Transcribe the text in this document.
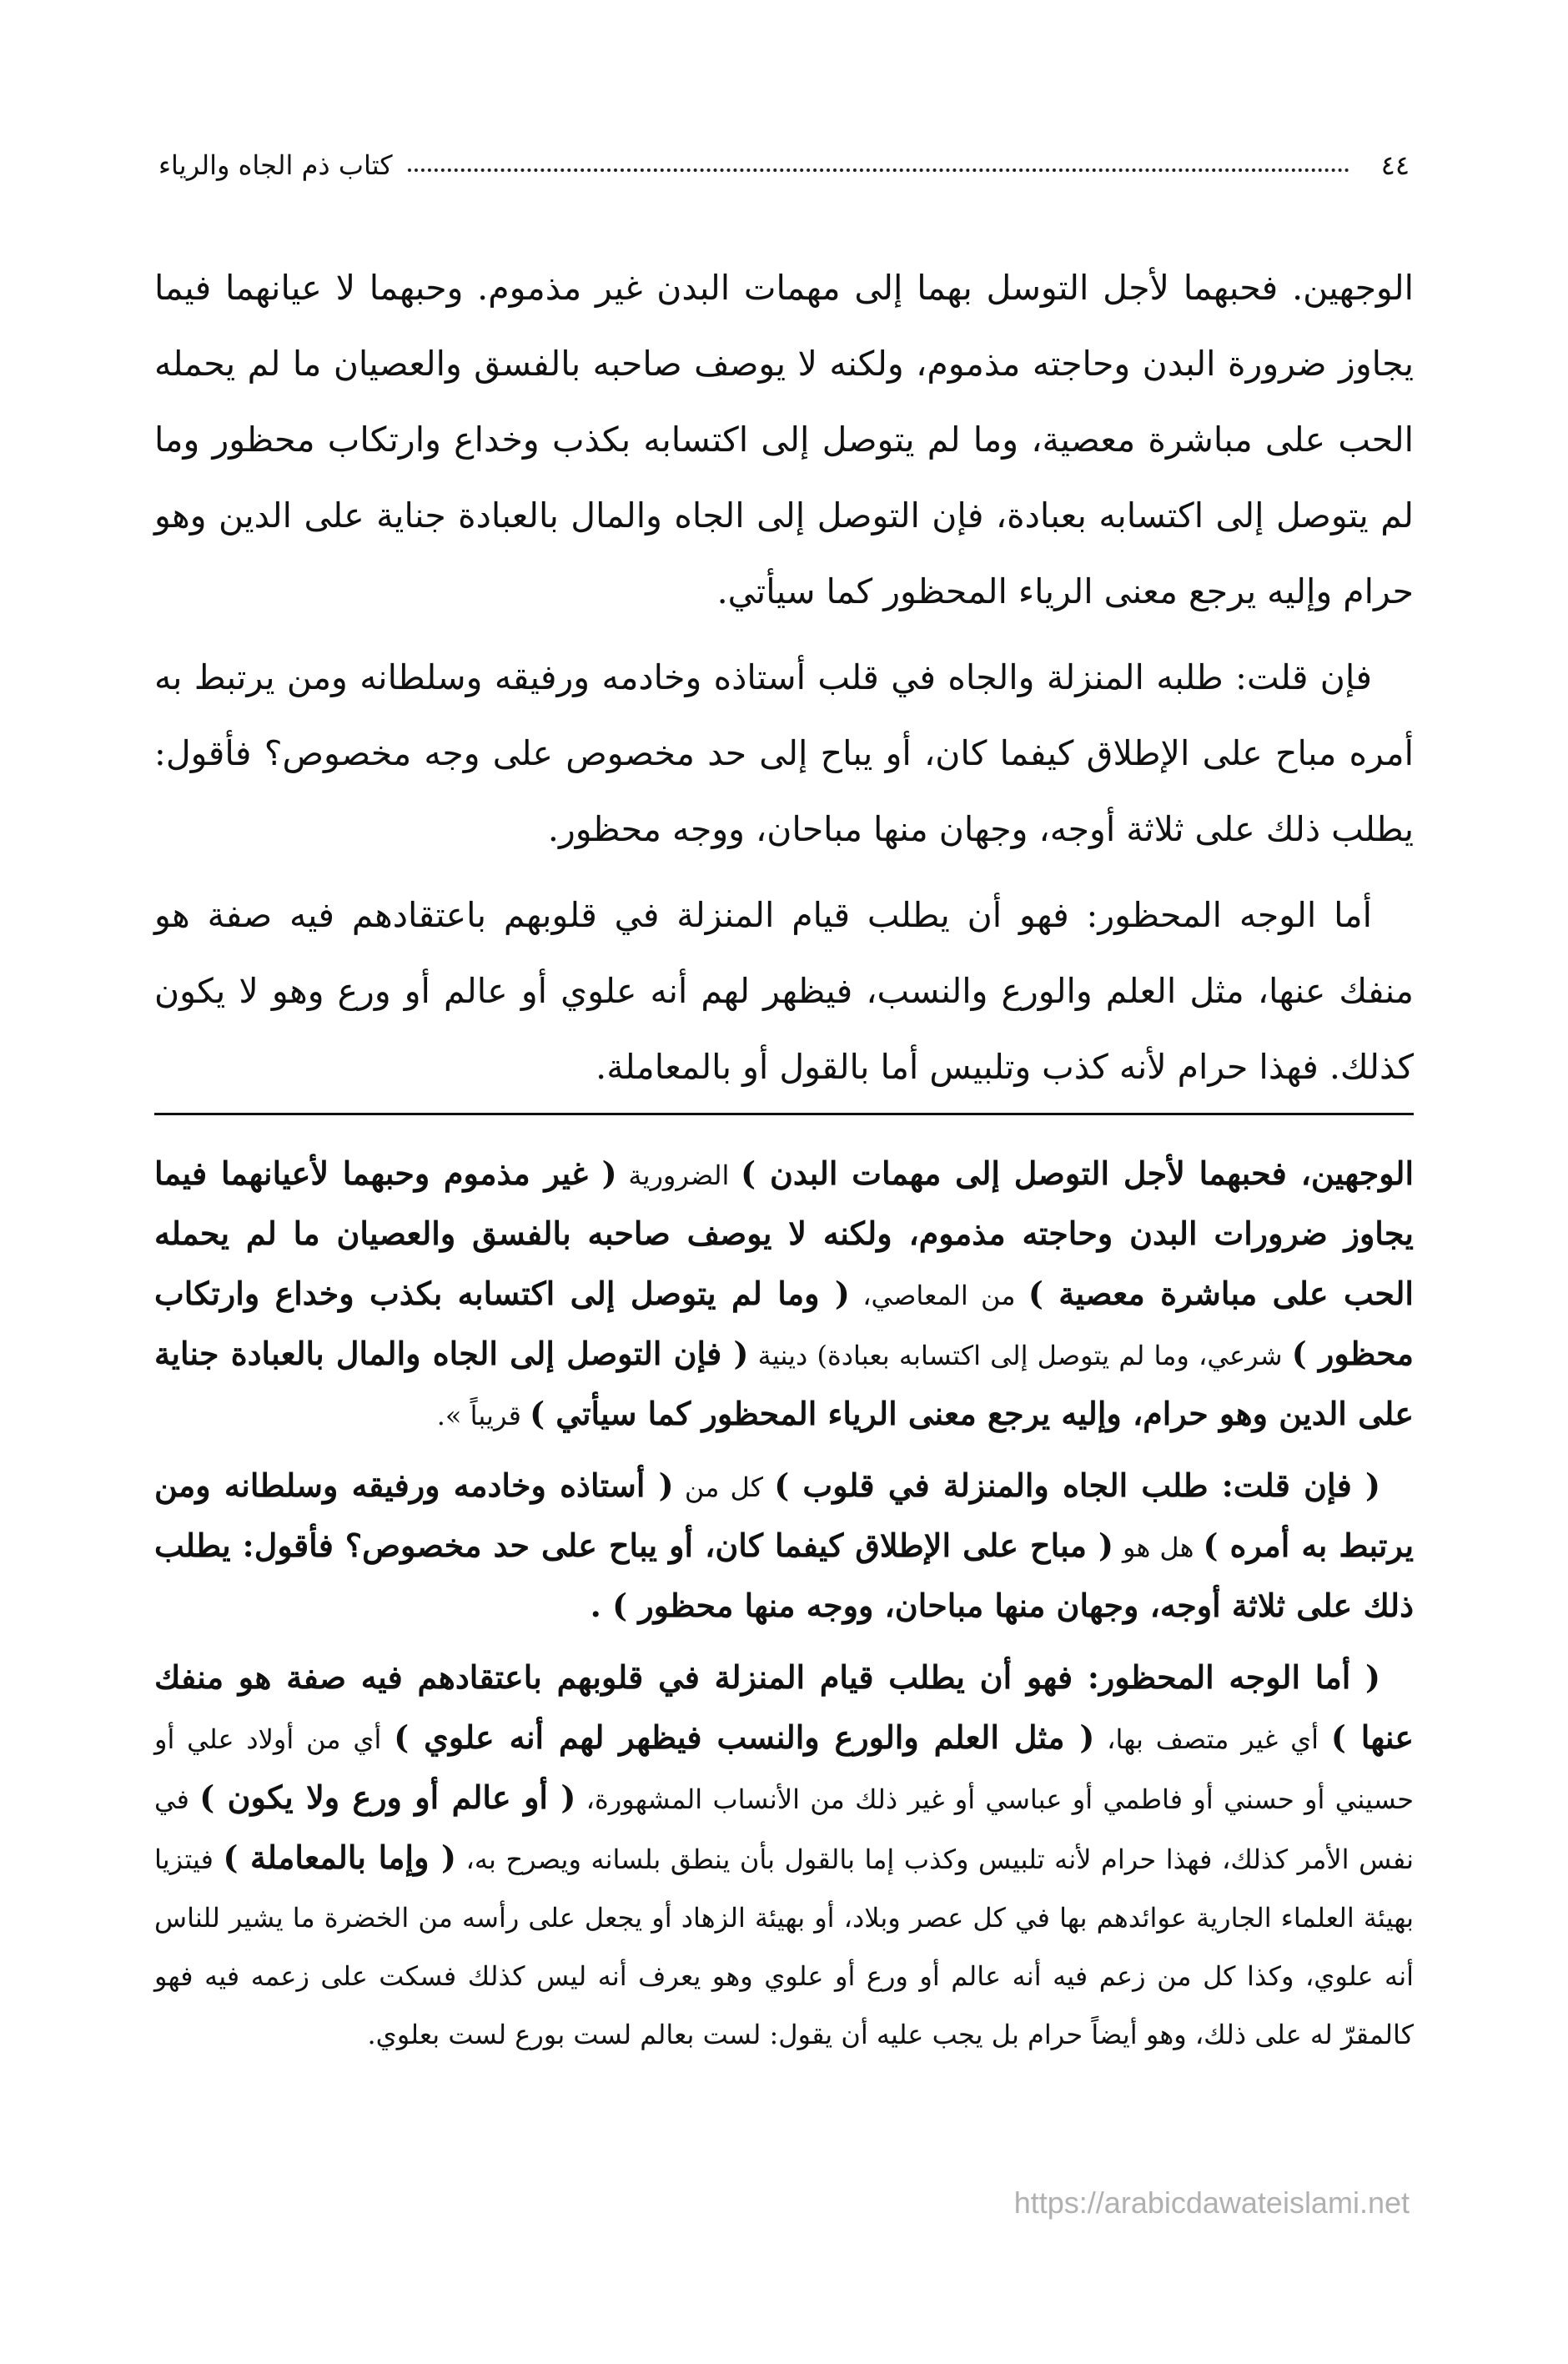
٤٤
كتاب ذم الجاه والرياء

الوجهين. فحبهما لأجل التوسل بهما إلى مهمات البدن غير مذموم. وحبهما لا عيانهما فيما يجاوز ضرورة البدن وحاجته مذموم، ولكنه لا يوصف صاحبه بالفسق والعصيان ما لم يحمله الحب على مباشرة معصية، وما لم يتوصل إلى اكتسابه بكذب وخداع وارتكاب محظور وما لم يتوصل إلى اكتسابه بعبادة، فإن التوصل إلى الجاه والمال بالعبادة جناية على الدين وهو حرام وإليه يرجع معنى الرياء المحظور كما سيأتي.

فإن قلت: طلبه المنزلة والجاه في قلب أستاذه وخادمه ورفيقه وسلطانه ومن يرتبط به أمره مباح على الإطلاق كيفما كان، أو يباح إلى حد مخصوص على وجه مخصوص؟ فأقول: يطلب ذلك على ثلاثة أوجه، وجهان منها مباحان، ووجه محظور.

أما الوجه المحظور: فهو أن يطلب قيام المنزلة في قلوبهم باعتقادهم فيه صفة هو منفك عنها، مثل العلم والورع والنسب، فيظهر لهم أنه علوي أو عالم أو ورع وهو لا يكون كذلك. فهذا حرام لأنه كذب وتلبيس أما بالقول أو بالمعاملة.

الوجهين، فحبهما لأجل التوصل إلى مهمات البدن ) الضرورية ( غير مذموم وحبهما لأعيانهما فيما يجاوز ضرورات البدن وحاجته مذموم، ولكنه لا يوصف صاحبه بالفسق والعصيان ما لم يحمله الحب على مباشرة معصية ) من المعاصي، ( وما لم يتوصل إلى اكتسابه بكذب وخداع وارتكاب محظور ) شرعي، وما لم يتوصل إلى اكتسابه بعبادة) دينية ( فإن التوصل إلى الجاه والمال بالعبادة جناية على الدين وهو حرام، وإليه يرجع معنى الرياء المحظور كما سيأتي ) قريباً ».

( فإن قلت: طلب الجاه والمنزلة في قلوب ) كل من ( أستاذه وخادمه ورفيقه وسلطانه ومن يرتبط به أمره ) هل هو ( مباح على الإطلاق كيفما كان، أو يباح على حد مخصوص؟ فأقول: يطلب ذلك على ثلاثة أوجه، وجهان منها مباحان، ووجه منها محظور ) .

( أما الوجه المحظور: فهو أن يطلب قيام المنزلة في قلوبهم باعتقادهم فيه صفة هو منفك عنها ) أي غير متصف بها، ( مثل العلم والورع والنسب فيظهر لهم أنه علوي ) أي من أولاد علي أو حسيني أو حسني أو فاطمي أو عباسي أو غير ذلك من الأنساب المشهورة، ( أو عالم أو ورع ولا يكون ) في نفس الأمر كذلك، فهذا حرام لأنه تلبيس وكذب إما بالقول بأن ينطق بلسانه ويصرح به، ( وإما بالمعاملة ) فيتزيا بهيئة العلماء الجارية عوائدهم بها في كل عصر وبلاد، أو بهيئة الزهاد أو يجعل على رأسه من الخضرة ما يشير للناس أنه علوي، وكذا كل من زعم فيه أنه عالم أو ورع أو علوي وهو يعرف أنه ليس كذلك فسكت على زعمه فيه فهو كالمقرّ له على ذلك، وهو أيضاً حرام بل يجب عليه أن يقول: لست بعالم لست بورع لست بعلوي.

https://arabicdawateislami.net
